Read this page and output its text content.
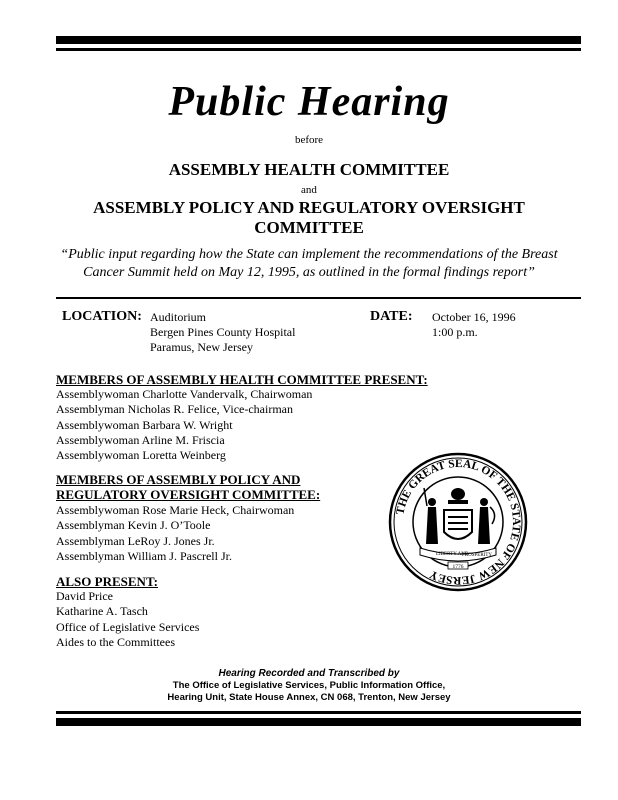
Public Hearing
before
ASSEMBLY HEALTH COMMITTEE
and
ASSEMBLY POLICY AND REGULATORY OVERSIGHT
COMMITTEE
“Public input regarding how the State can implement the recommendations of the Breast
Cancer Summit held on May 12, 1995, as outlined in the formal findings report”
LOCATION: Auditorium
Bergen Pines County Hospital
Paramus, New Jersey
DATE: October 16, 1996
1:00 p.m.
MEMBERS OF ASSEMBLY HEALTH COMMITTEE PRESENT:
Assemblywoman Charlotte Vandervalk, Chairwoman
Assemblyman Nicholas R. Felice, Vice-chairman
Assemblywoman Barbara W. Wright
Assemblywoman Arline M. Friscia
Assemblywoman Loretta Weinberg
MEMBERS OF ASSEMBLY POLICY AND
REGULATORY OVERSIGHT COMMITTEE:
Assemblywoman Rose Marie Heck, Chairwoman
Assemblyman Kevin J. O’Toole
Assemblyman LeRoy J. Jones Jr.
Assemblyman William J. Pascrell Jr.
ALSO PRESENT:
David Price
Katharine A. Tasch
Office of Legislative Services
Aides to the Committees
THE GREAT SEAL OF THE STATE OF NEW JERSEY
LIBERTY AND
PROSPERITY
1776
Hearing Recorded and Transcribed by
The Office of Legislative Services, Public Information Office,
Hearing Unit, State House Annex, CN 068, Trenton, New Jersey
